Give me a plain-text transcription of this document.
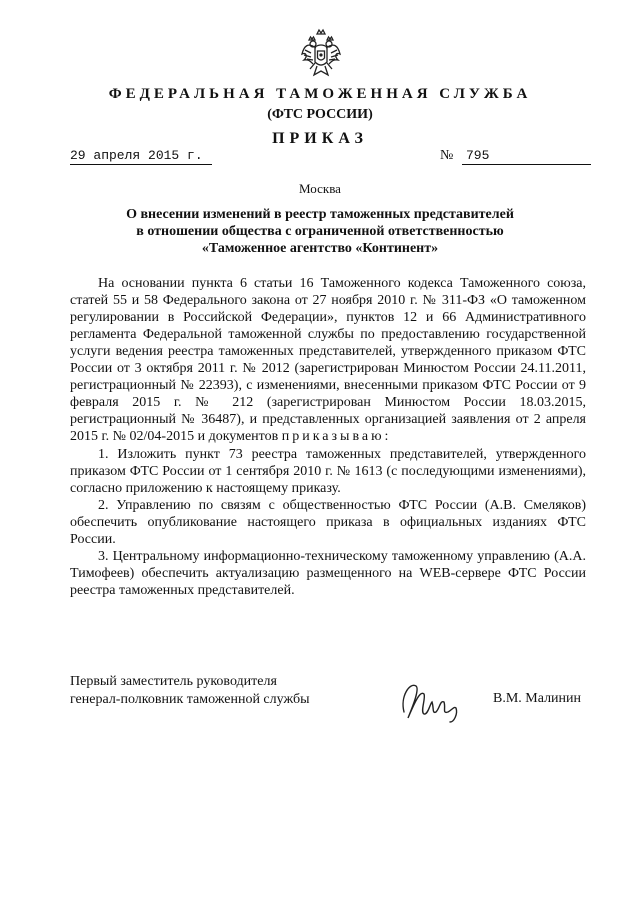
ФЕДЕРАЛЬНАЯ ТАМОЖЕННАЯ СЛУЖБА
(ФТС РОССИИ)
ПРИКАЗ
29 апреля 2015 г.	№ 795
Москва
О внесении изменений в реестр таможенных представителей
в отношении общества с ограниченной ответственностью
«Таможенное агентство «Континент»

На основании пункта 6 статьи 16 Таможенного кодекса Таможенного союза, статей 55 и 58 Федерального закона от 27 ноября 2010 г. № 311-ФЗ «О таможенном регулировании в Российской Федерации», пунктов 12 и 66 Административного регламента Федеральной таможенной службы по предоставлению государственной услуги ведения реестра таможенных представителей, утвержденного приказом ФТС России от 3 октября 2011 г. № 2012 (зарегистрирован Минюстом России 24.11.2011, регистрационный № 22393), с изменениями, внесенными приказом ФТС России от 9 февраля 2015 г. № 212 (зарегистрирован Минюстом России 18.03.2015, регистрационный № 36487), и представленных организацией заявления от 2 апреля 2015 г. № 02/04-2015 и документов приказываю:

1. Изложить пункт 73 реестра таможенных представителей, утвержденного приказом ФТС России от 1 сентября 2010 г. № 1613 (с последующими изменениями), согласно приложению к настоящему приказу.

2. Управлению по связям с общественностью ФТС России (А.В. Смеляков) обеспечить опубликование настоящего приказа в официальных изданиях ФТС России.

3. Центральному информационно-техническому таможенному управлению (А.А. Тимофеев) обеспечить актуализацию размещенного на WEB-сервере ФТС России реестра таможенных представителей.

Первый заместитель руководителя
генерал-полковник таможенной службы	В.М. Малинин
